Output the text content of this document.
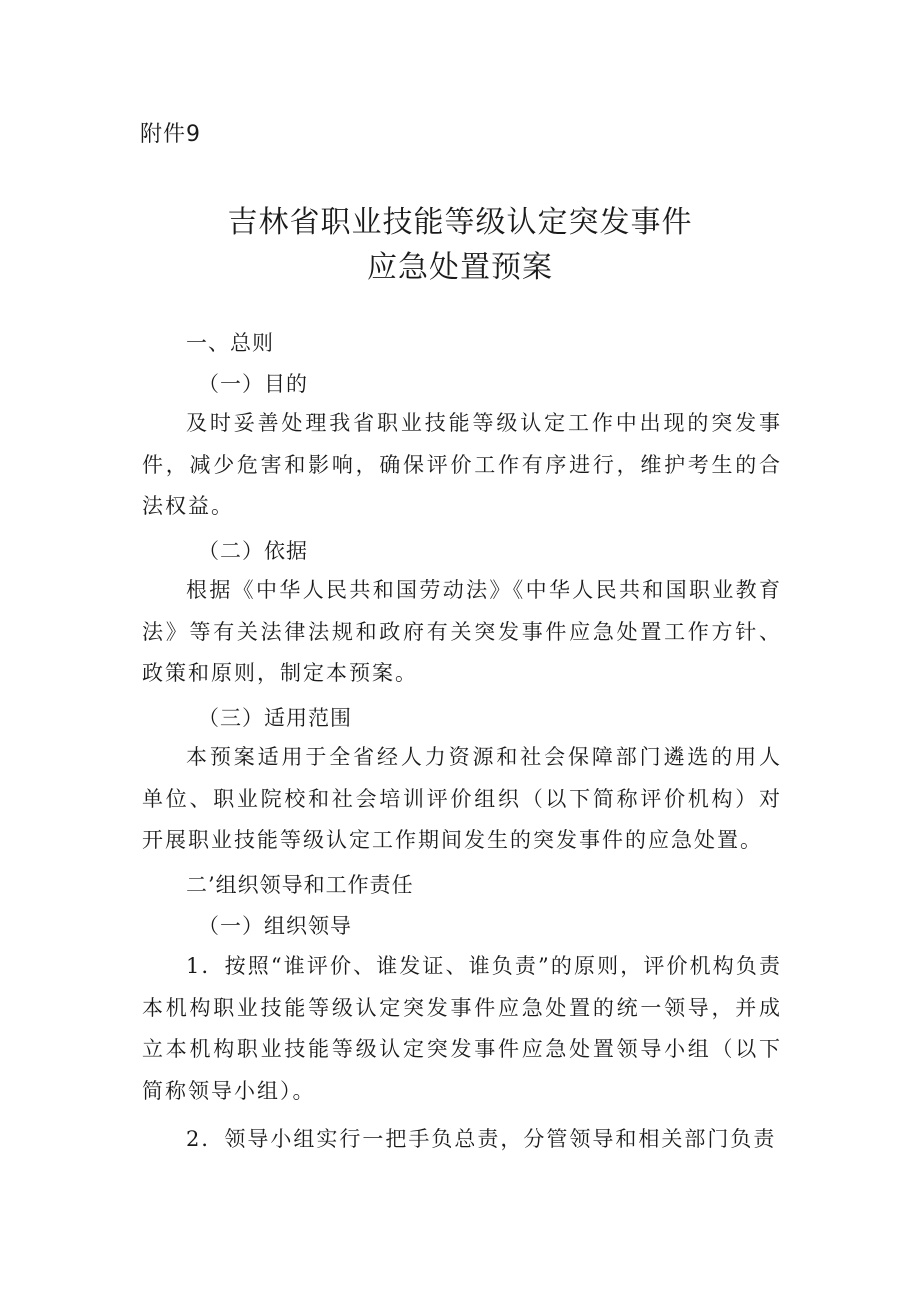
附件9
吉林省职业技能等级认定突发事件
应急处置预案
一、总则
（一）目的
及时妥善处理我省职业技能等级认定工作中出现的突发事件，减少危害和影响，确保评价工作有序进行，维护考生的合法权益。
（二）依据
根据《中华人民共和国劳动法》《中华人民共和国职业教育法》等有关法律法规和政府有关突发事件应急处置工作方针、政策和原则，制定本预案。
（三）适用范围
本预案适用于全省经人力资源和社会保障部门遴选的用人单位、职业院校和社会培训评价组织（以下简称评价机构）对开展职业技能等级认定工作期间发生的突发事件的应急处置。
二’组织领导和工作责任
（一）组织领导
1．按照“谁评价、谁发证、谁负责”的原则，评价机构负责本机构职业技能等级认定突发事件应急处置的统一领导，并成立本机构职业技能等级认定突发事件应急处置领导小组（以下简称领导小组）。
2．领导小组实行一把手负总责，分管领导和相关部门负责
